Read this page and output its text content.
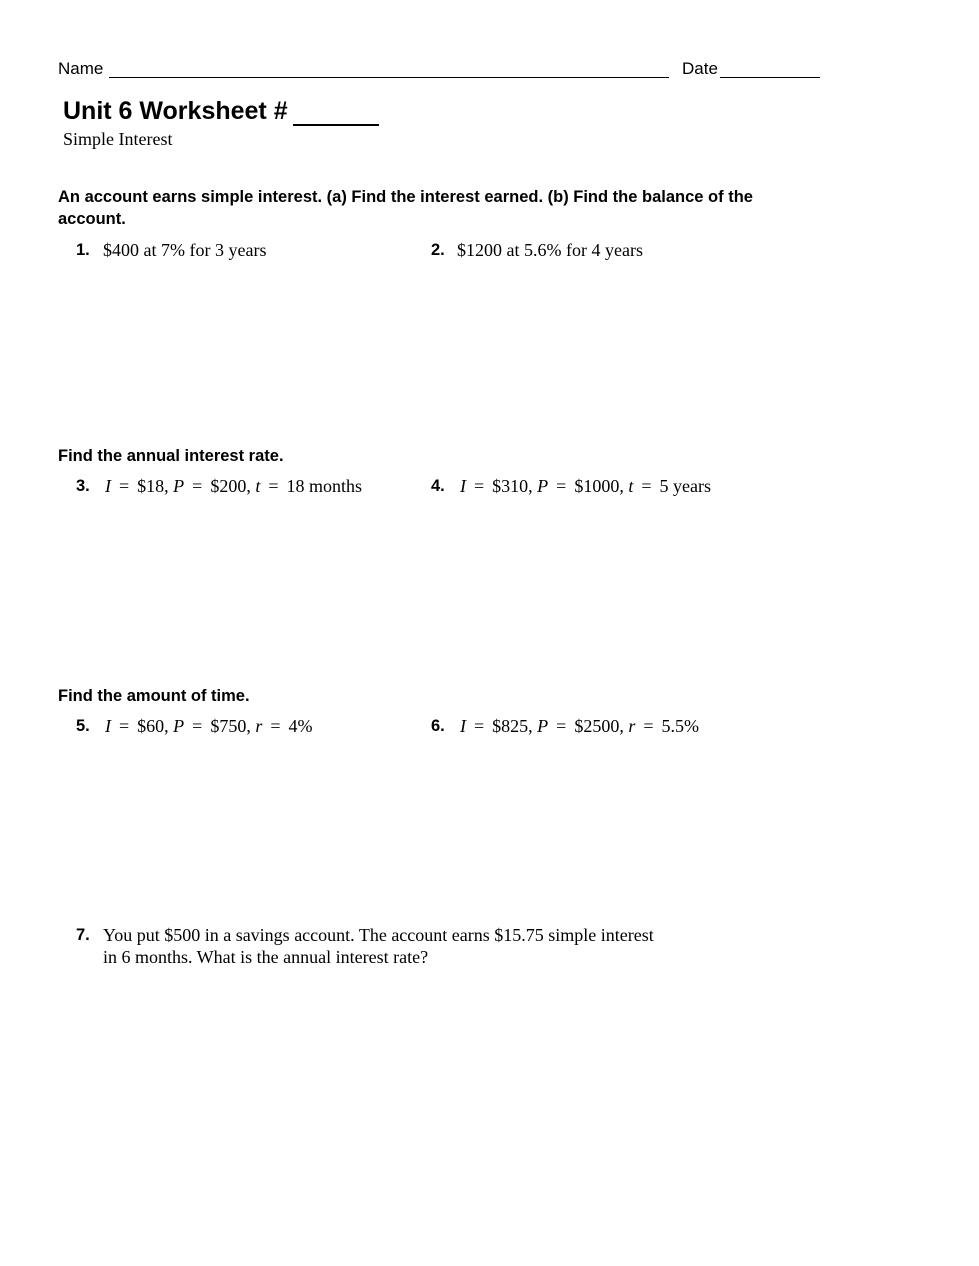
Name	Date
Unit 6 Worksheet #
Simple Interest
An account earns simple interest. (a) Find the interest earned. (b) Find the balance of the account.
1. $400 at 7% for 3 years	2. $1200 at 5.6% for 4 years
Find the annual interest rate.
3. I = $18, P = $200, t = 18 months	4. I = $310, P = $1000, t = 5 years
Find the amount of time.
5. I = $60, P = $750, r = 4%	6. I = $825, P = $2500, r = 5.5%
7. You put $500 in a savings account. The account earns $15.75 simple interest
in 6 months. What is the annual interest rate?
